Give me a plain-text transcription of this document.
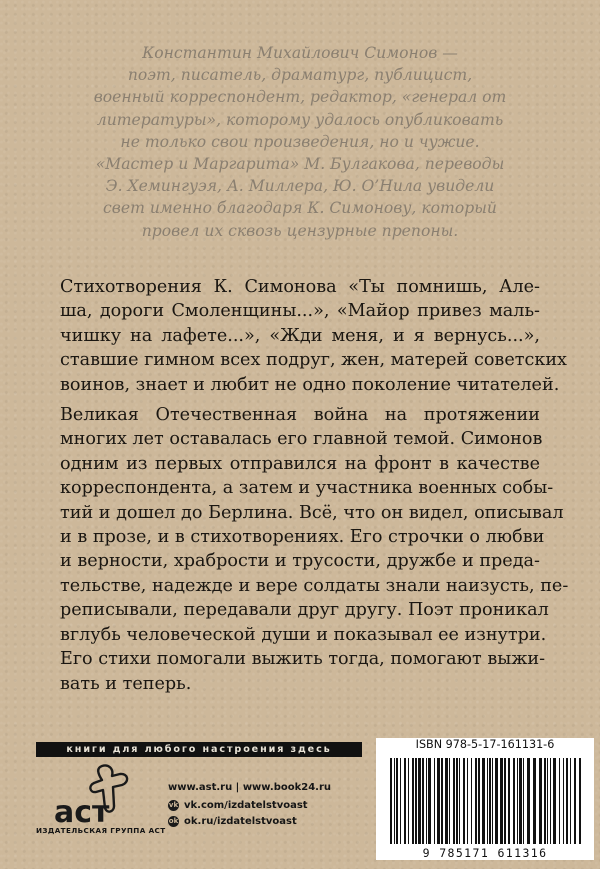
Константин Михайлович Симонов —
поэт, писатель, драматург, публицист,
военный корреспондент, редактор, «генерал от
литературы», которому удалось опубликовать
не только свои произведения, но и чужие.
«Мастер и Маргарита» М. Булгакова, переводы
Э. Хемингуэя, А. Миллера, Ю. О’Нила увидели
свет именно благодаря К. Симонову, который
провел их сквозь цензурные препоны.
Стихотворения К. Симонова «Ты помнишь, Але-
ша, дороги Смоленщины...», «Майор привез маль-
чишку на лафете...», «Жди меня, и я вернусь...»,
ставшие гимном всех подруг, жен, матерей советских
воинов, знает и любит не одно поколение читателей.
Великая Отечественная война на протяжении
многих лет оставалась его главной темой. Симонов
одним из первых отправился на фронт в качестве
корреспондента, а затем и участника военных собы-
тий и дошел до Берлина. Всё, что он видел, описывал
и в прозе, и в стихотворениях. Его строчки о любви
и верности, храбрости и трусости, дружбе и преда-
тельстве, надежде и вере солдаты знали наизусть, пе-
реписывали, передавали друг другу. Поэт проникал
вглубь человеческой души и показывал ее изнутри.
Его стихи помогали выжить тогда, помогают выжи-
вать и теперь.
книги для любого настроения здесь
аст
ИЗДАТЕЛЬСКАЯ ГРУППА АСТ
www.ast.ru | www.book24.ru
vk vk.com/izdatelstvoast
ok ok.ru/izdatelstvoast
ISBN 978-5-17-161131-6
9 785171 611316
